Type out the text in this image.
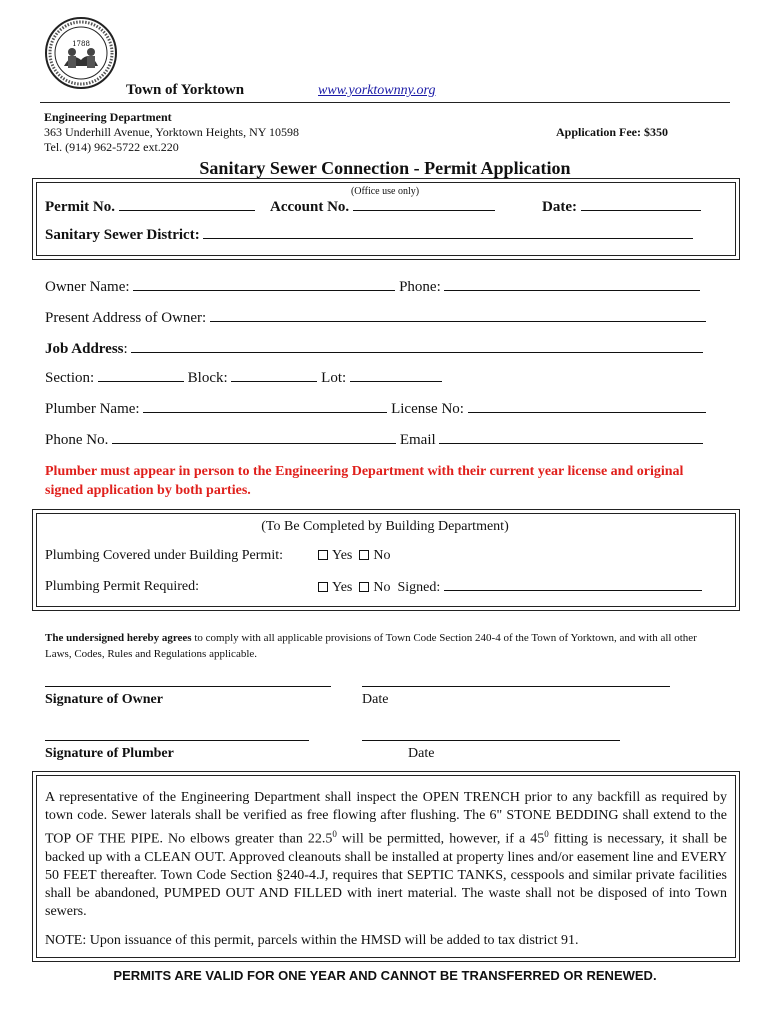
1788
Town of Yorktown	www.yorktownny.org
Engineering Department
363 Underhill Avenue, Yorktown Heights, NY 10598
Tel. (914) 962-5722 ext.220
Application Fee: $350
Sanitary Sewer Connection - Permit Application
(Office use only)
Permit No.	Account No.	Date:
Sanitary Sewer District:
Owner Name:	Phone:
Present Address of Owner:
Job Address:
Section:	Block:	Lot:
Plumber Name:	License No:
Phone No.	Email
Plumber must appear in person to the Engineering Department with their current year license and original signed application by both parties.
(To Be Completed by Building Department)
Plumbing Covered under Building Permit:	Yes No
Plumbing Permit Required:	Yes No Signed:
The undersigned hereby agrees to comply with all applicable provisions of Town Code Section 240-4 of the Town of Yorktown, and with all other Laws, Codes, Rules and Regulations applicable.
Signature of Owner	Date
Signature of Plumber	Date
A representative of the Engineering Department shall inspect the OPEN TRENCH prior to any backfill as required by town code. Sewer laterals shall be verified as free flowing after flushing. The 6" STONE BEDDING shall extend to the TOP OF THE PIPE. No elbows greater than 22.5$^0$ will be permitted, however, if a $45^0$ fitting is necessary, it shall be backed up with a CLEAN OUT. Approved cleanouts shall be installed at property lines and/or easement line and EVERY 50 FEET thereafter. Town Code Section §240-4.J, requires that SEPTIC TANKS, cesspools and similar private facilities shall be abandoned, PUMPED OUT AND FILLED with inert material. The waste shall not be disposed of into Town sewers.
NOTE: Upon issuance of this permit, parcels within the HMSD will be added to tax district 91.
PERMITS ARE VALID FOR ONE YEAR AND CANNOT BE TRANSFERRED OR RENEWED.
